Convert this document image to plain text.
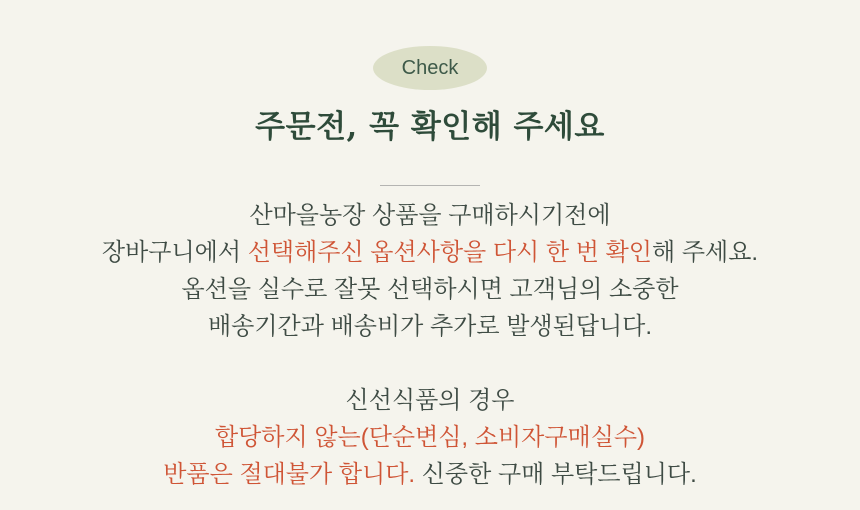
Check
주문전, 꼭 확인해 주세요
산마을농장 상품을 구매하시기전에
장바구니에서 선택해주신 옵션사항을 다시 한 번 확인해 주세요.
옵션을 실수로 잘못 선택하시면 고객님의 소중한
배송기간과 배송비가 추가로 발생된답니다.
신선식품의 경우
합당하지 않는(단순변심, 소비자구매실수)
반품은 절대불가 합니다. 신중한 구매 부탁드립니다.
